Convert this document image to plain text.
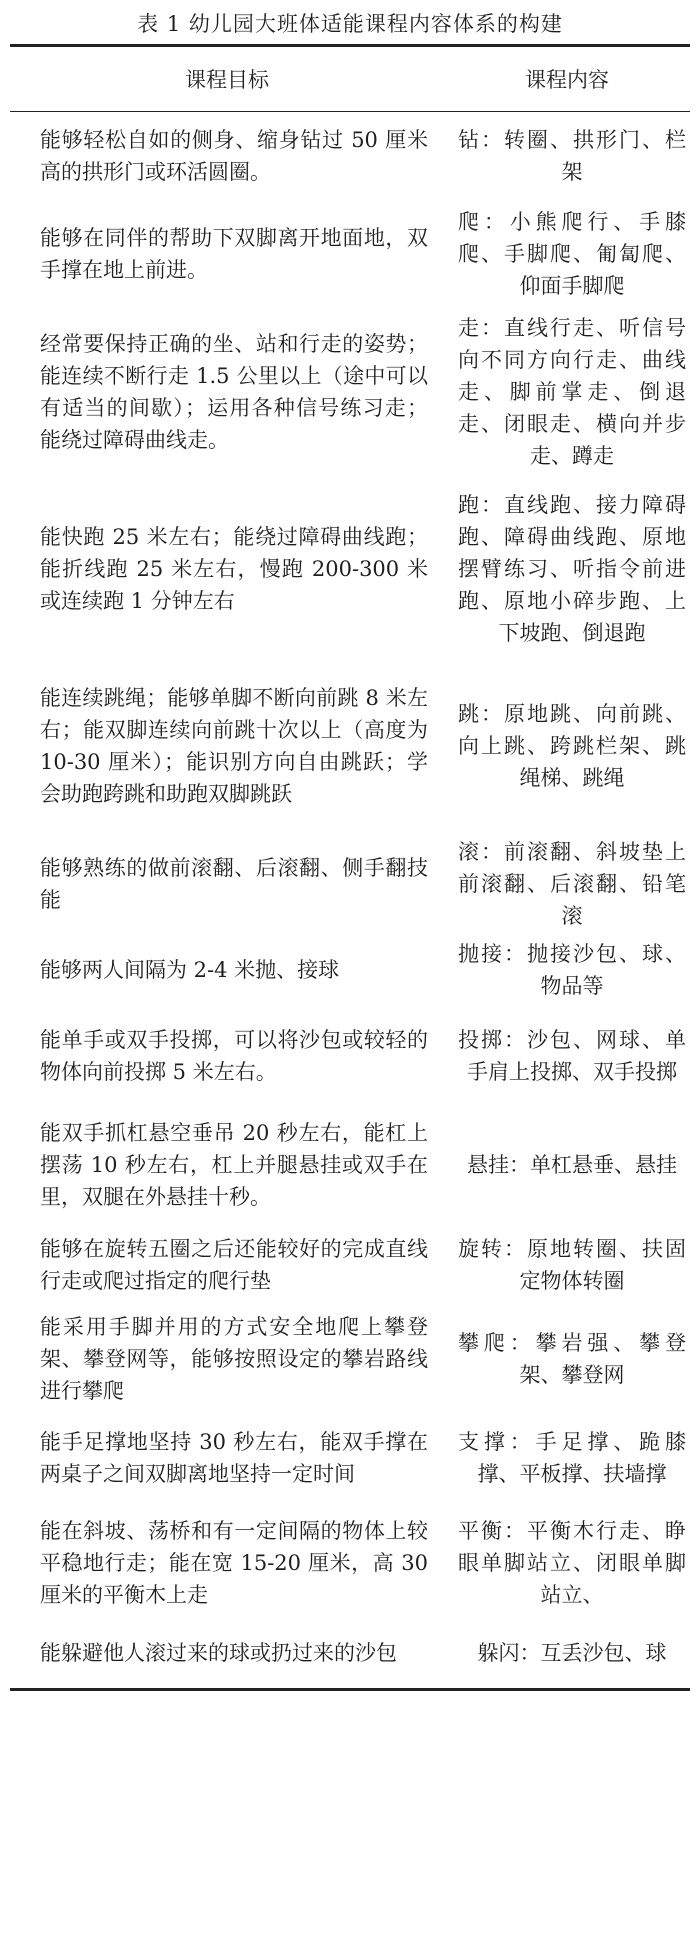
表 1 幼儿园大班体适能课程内容体系的构建
课程目标	课程内容

能够轻松自如的侧身、缩身钻过 50 厘米高的拱形门或环活圆圈。	钻：转圈、拱形门、栏架

能够在同伴的帮助下双脚离开地面地，双手撑在地上前进。	爬：小熊爬行、手膝爬、手脚爬、匍匐爬、仰面手脚爬

经常要保持正确的坐、站和行走的姿势；能连续不断行走 1.5 公里以上（途中可以有适当的间歇）；运用各种信号练习走；能绕过障碍曲线走。	走：直线行走、听信号向不同方向行走、曲线走、脚前掌走、倒退走、闭眼走、横向并步走、蹲走

能快跑 25 米左右；能绕过障碍曲线跑；能折线跑 25 米左右，慢跑 200-300 米或连续跑 1 分钟左右	跑：直线跑、接力障碍跑、障碍曲线跑、原地摆臂练习、听指令前进跑、原地小碎步跑、上下坡跑、倒退跑

能连续跳绳；能够单脚不断向前跳 8 米左右；能双脚连续向前跳十次以上（高度为 10-30 厘米）；能识别方向自由跳跃；学会助跑跨跳和助跑双脚跳跃	跳：原地跳、向前跳、向上跳、跨跳栏架、跳绳梯、跳绳

能够熟练的做前滚翻、后滚翻、侧手翻技能	滚：前滚翻、斜坡垫上前滚翻、后滚翻、铅笔滚

能够两人间隔为 2-4 米抛、接球	抛接：抛接沙包、球、物品等

能单手或双手投掷，可以将沙包或较轻的物体向前投掷 5 米左右。	投掷：沙包、网球、单手肩上投掷、双手投掷

能双手抓杠悬空垂吊 20 秒左右，能杠上摆荡 10 秒左右，杠上并腿悬挂或双手在里，双腿在外悬挂十秒。	悬挂：单杠悬垂、悬挂

能够在旋转五圈之后还能较好的完成直线行走或爬过指定的爬行垫	旋转：原地转圈、扶固定物体转圈

能采用手脚并用的方式安全地爬上攀登架、攀登网等，能够按照设定的攀岩路线进行攀爬	攀爬：攀岩强、攀登架、攀登网

能手足撑地坚持 30 秒左右，能双手撑在两桌子之间双脚离地坚持一定时间	支撑：手足撑、跪膝撑、平板撑、扶墙撑

能在斜坡、荡桥和有一定间隔的物体上较平稳地行走；能在宽 15-20 厘米，高 30 厘米的平衡木上走	平衡：平衡木行走、睁眼单脚站立、闭眼单脚站立、

能躲避他人滚过来的球或扔过来的沙包	躲闪：互丢沙包、球
